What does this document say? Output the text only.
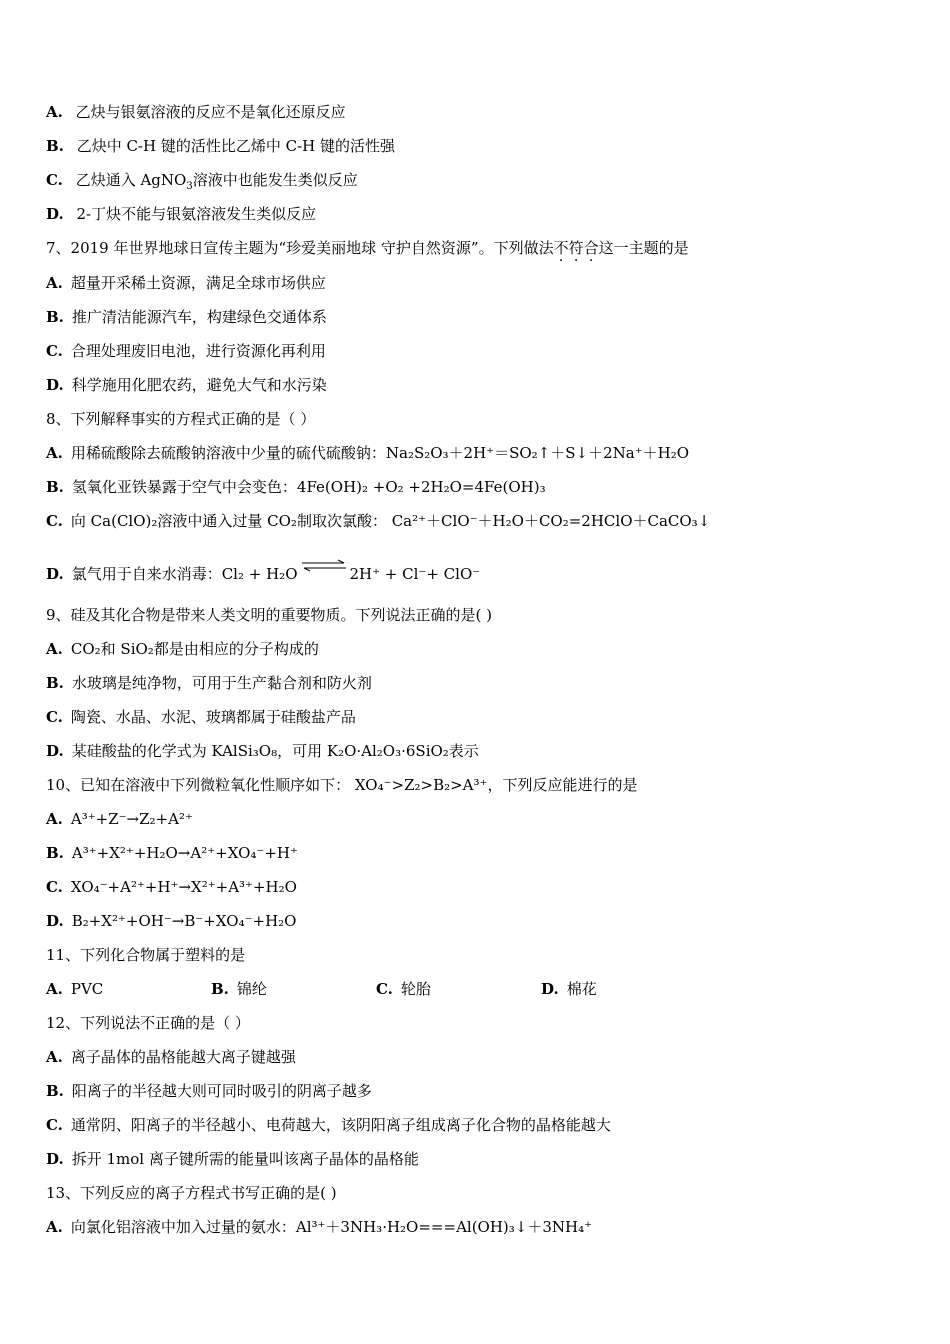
A. 乙炔与银氨溶液的反应不是氧化还原反应
B. 乙炔中 C-H 键的活性比乙烯中 C-H 键的活性强
C. 乙炔通入 AgNO$_3$溶液中也能发生类似反应
D. 2-丁炔不能与银氨溶液发生类似反应
7、2019 年世界地球日宣传主题为“珍爱美丽地球 守护自然资源”。下列做法不符合这一主题的是
A. 超量开采稀土资源，满足全球市场供应
B. 推广清洁能源汽车，构建绿色交通体系
C. 合理处理废旧电池，进行资源化再利用
D. 科学施用化肥农药，避免大气和水污染
8、下列解释事实的方程式正确的是（ ）
A. 用稀硫酸除去硫酸钠溶液中少量的硫代硫酸钠：Na₂S₂O₃＋2H⁺＝SO₂↑＋S↓＋2Na⁺＋H₂O
B. 氢氧化亚铁暴露于空气中会变色：4Fe(OH)₂ +O₂ +2H₂O=4Fe(OH)₃
C. 向 Ca(ClO)₂溶液中通入过量 CO₂制取次氯酸： Ca²⁺＋ClO⁻＋H₂O＋CO₂=2HClO＋CaCO₃↓
D. 氯气用于自来水消毒：Cl₂ + H₂O ⇌ 2H⁺ + Cl⁻+ ClO⁻
9、硅及其化合物是带来人类文明的重要物质。下列说法正确的是( )
A. CO₂和 SiO₂都是由相应的分子构成的
B. 水玻璃是纯净物，可用于生产黏合剂和防火剂
C. 陶瓷、水晶、水泥、玻璃都属于硅酸盐产品
D. 某硅酸盐的化学式为 KAlSi₃O₈，可用 K₂O·Al₂O₃·6SiO₂表示
10、已知在溶液中下列微粒氧化性顺序如下： XO₄⁻>Z₂>B₂>A³⁺，下列反应能进行的是
A. A³⁺+Z⁻→Z₂+A²⁺
B. A³⁺+X²⁺+H₂O→A²⁺+XO₄⁻+H⁺
C. XO₄⁻+A²⁺+H⁺→X²⁺+A³⁺+H₂O
D. B₂+X²⁺+OH⁻→B⁻+XO₄⁻+H₂O
11、下列化合物属于塑料的是
A. PVC	B. 锦纶	C. 轮胎	D. 棉花
12、下列说法不正确的是（ ）
A. 离子晶体的晶格能越大离子键越强
B. 阳离子的半径越大则可同时吸引的阴离子越多
C. 通常阴、阳离子的半径越小、电荷越大，该阴阳离子组成离子化合物的晶格能越大
D. 拆开 1mol 离子键所需的能量叫该离子晶体的晶格能
13、下列反应的离子方程式书写正确的是( )
A. 向氯化铝溶液中加入过量的氨水：Al³⁺＋3NH₃·H₂O===Al(OH)₃↓＋3NH₄⁺
